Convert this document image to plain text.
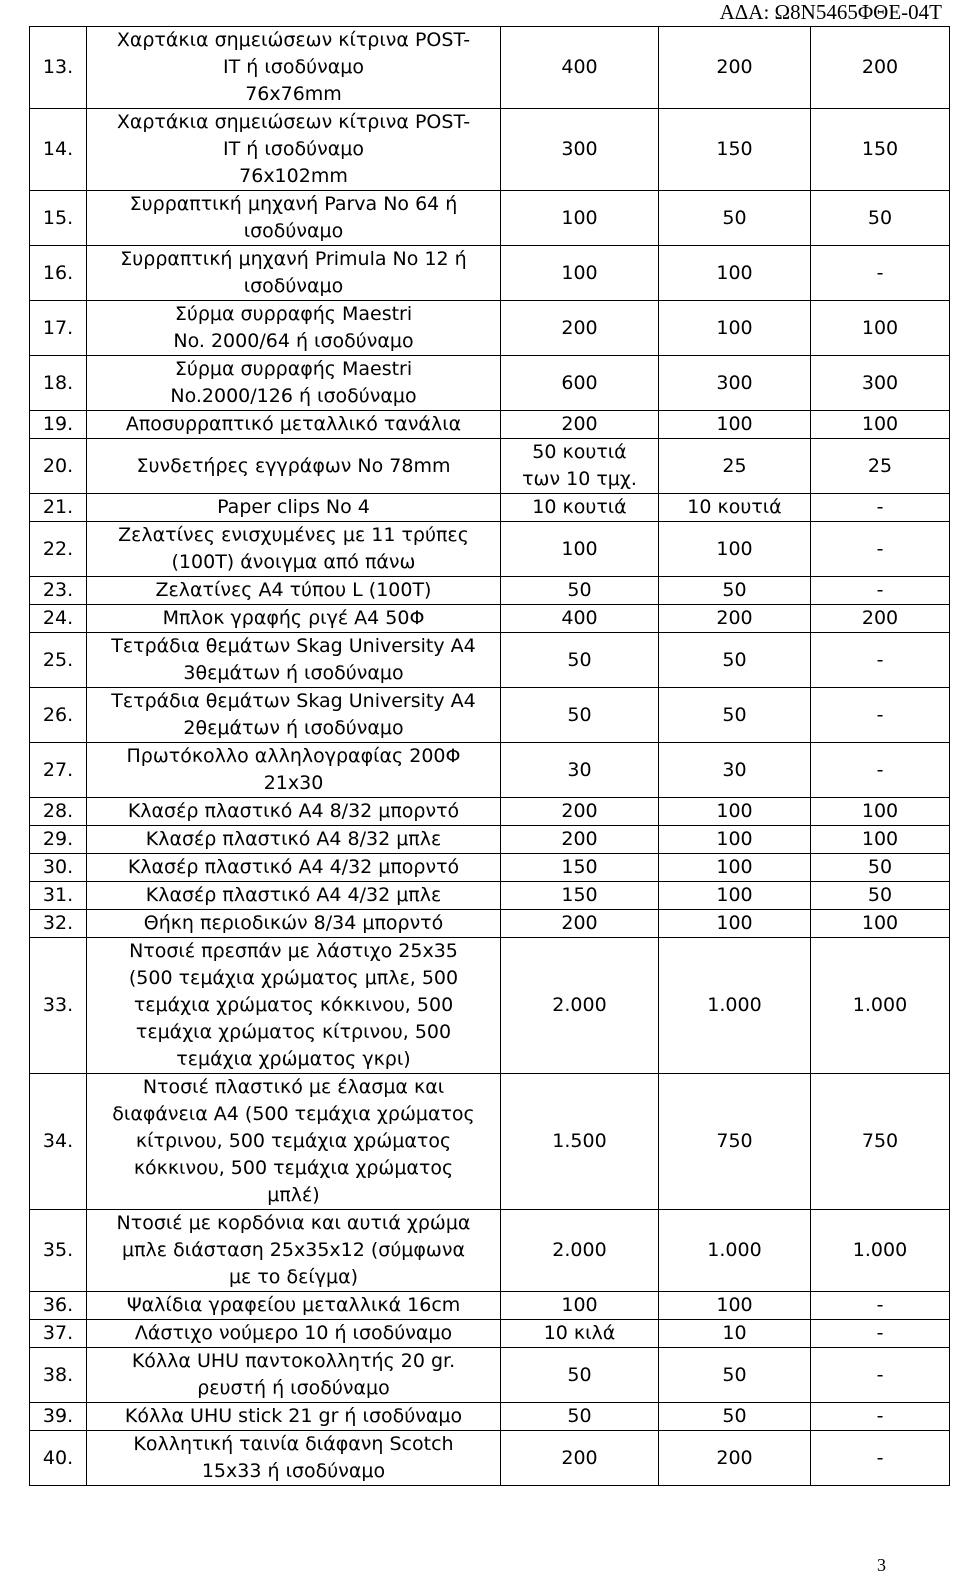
ΑΔΑ: Ω8Ν5465ΦΘΕ-04Τ
13.	Χαρτάκια σημειώσεων κίτρινα POST-
IT ή ισοδύναμο
76x76mm	400	200	200
14.	Χαρτάκια σημειώσεων κίτρινα POST-
IT ή ισοδύναμο
76x102mm	300	150	150
15.	Συρραπτική μηχανή Parva No 64 ή
ισοδύναμο	100	50	50
16.	Συρραπτική μηχανή Primula No 12 ή
ισοδύναμο	100	100	-
17.	Σύρμα συρραφής Maestri
No. 2000/64 ή ισοδύναμο	200	100	100
18.	Σύρμα συρραφής Maestri
No.2000/126 ή ισοδύναμο	600	300	300
19.	Αποσυρραπτικό μεταλλικό τανάλια	200	100	100
20.	Συνδετήρες εγγράφων No 78mm	50 κουτιά
των 10 τμχ.	25	25
21.	Paper clips No 4	10 κουτιά	10 κουτιά	-
22.	Ζελατίνες ενισχυμένες με 11 τρύπες
(100Τ) άνοιγμα από πάνω	100	100	-
23.	Ζελατίνες Α4 τύπου L (100T)	50	50	-
24.	Μπλοκ γραφής ριγέ Α4 50Φ	400	200	200
25.	Τετράδια θεμάτων Skag University A4
3θεμάτων ή ισοδύναμο	50	50	-
26.	Τετράδια θεμάτων Skag University A4
2θεμάτων ή ισοδύναμο	50	50	-
27.	Πρωτόκολλο αλληλογραφίας 200Φ
21x30	30	30	-
28.	Κλασέρ πλαστικό Α4 8/32 μπορντό	200	100	100
29.	Κλασέρ πλαστικό Α4 8/32 μπλε	200	100	100
30.	Κλασέρ πλαστικό Α4 4/32 μπορντό	150	100	50
31.	Κλασέρ πλαστικό Α4 4/32 μπλε	150	100	50
32.	Θήκη περιοδικών 8/34 μπορντό	200	100	100
33.	Ντοσιέ πρεσπάν με λάστιχο 25x35
(500 τεμάχια χρώματος μπλε, 500
τεμάχια χρώματος κόκκινου, 500
τεμάχια χρώματος κίτρινου, 500
τεμάχια χρώματος γκρι)	2.000	1.000	1.000
34.	Ντοσιέ πλαστικό με έλασμα και
διαφάνεια Α4 (500 τεμάχια χρώματος
κίτρινου, 500 τεμάχια χρώματος
κόκκινου, 500 τεμάχια χρώματος
μπλέ)	1.500	750	750
35.	Ντοσιέ με κορδόνια και αυτιά χρώμα
μπλε διάσταση 25x35x12 (σύμφωνα
με το δείγμα)	2.000	1.000	1.000
36.	Ψαλίδια γραφείου μεταλλικά 16cm	100	100	-
37.	Λάστιχο νούμερο 10 ή ισοδύναμο	10 κιλά	10	-
38.	Κόλλα UHU παντοκολλητής 20 gr.
ρευστή ή ισοδύναμο	50	50	-
39.	Κόλλα UHU stick 21 gr ή ισοδύναμο	50	50	-
40.	Κολλητική ταινία διάφανη Scotch
15x33 ή ισοδύναμο	200	200	-
3
